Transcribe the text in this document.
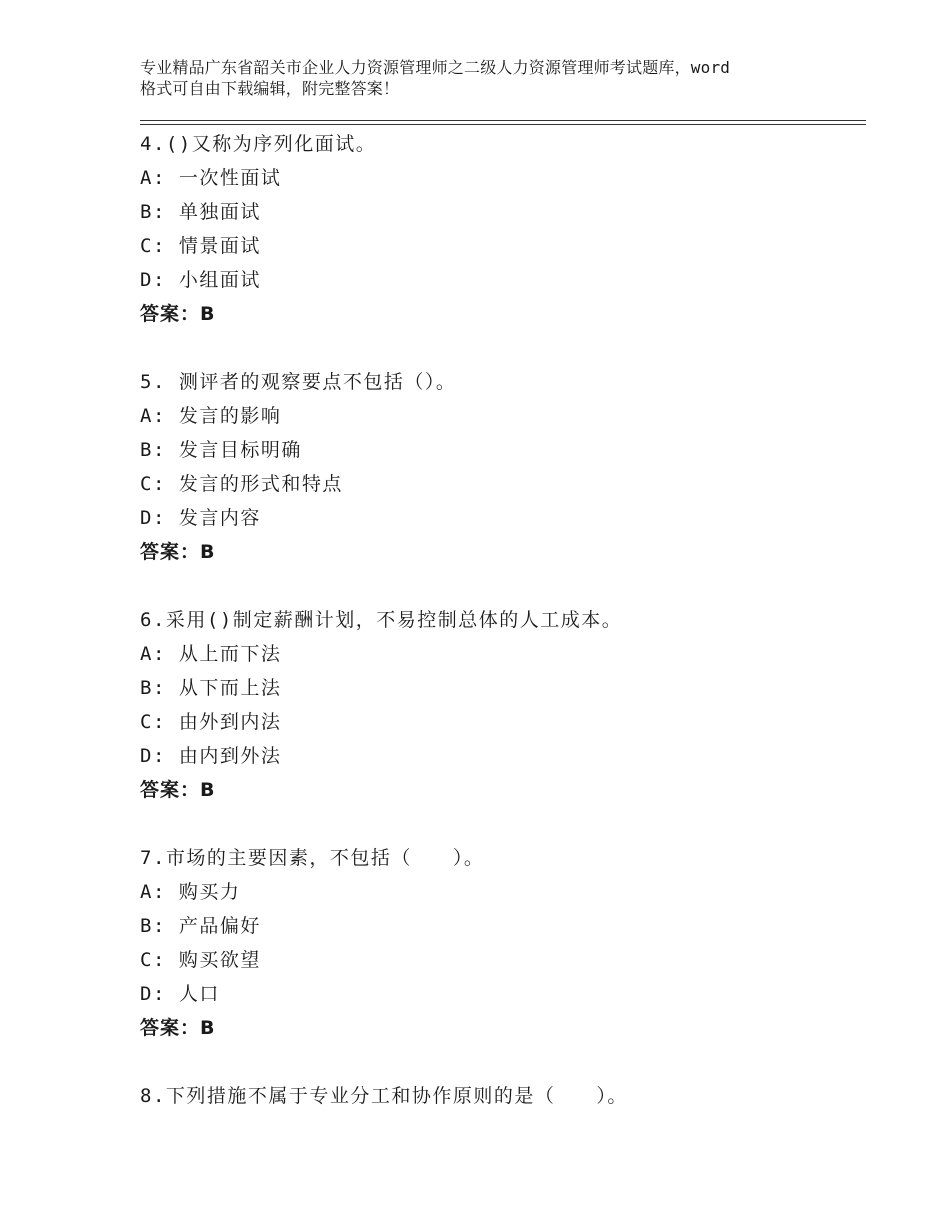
专业精品广东省韶关市企业人力资源管理师之二级人力资源管理师考试题库，word
格式可自由下载编辑，附完整答案！
4.()又称为序列化面试。
A: 一次性面试
B: 单独面试
C: 情景面试
D: 小组面试
答案：B
5. 测评者的观察要点不包括（）。
A: 发言的影响
B: 发言目标明确
C: 发言的形式和特点
D: 发言内容
答案：B
6.采用()制定薪酬计划，不易控制总体的人工成本。
A: 从上而下法
B: 从下而上法
C: 由外到内法
D: 由内到外法
答案：B
7.市场的主要因素，不包括（　　）。
A: 购买力
B: 产品偏好
C: 购买欲望
D: 人口
答案：B
8.下列措施不属于专业分工和协作原则的是（　　）。
